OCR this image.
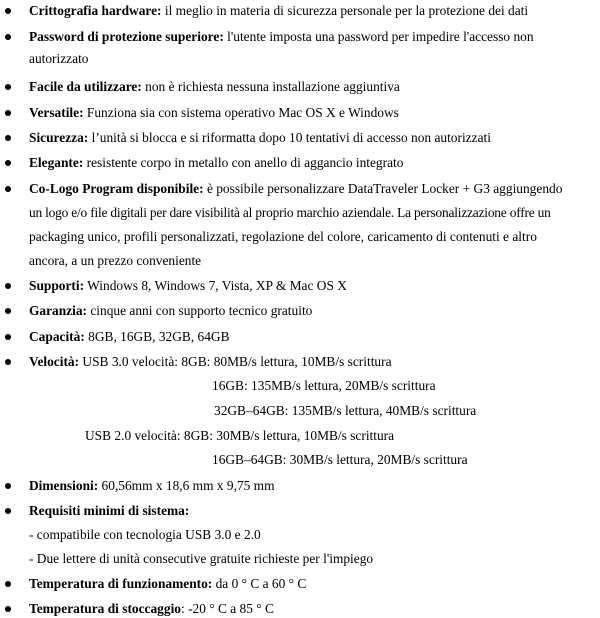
Crittografia hardware: il meglio in materia di sicurezza personale per la protezione dei dati
Password di protezione superiore: l'utente imposta una password per impedire l'accesso non
autorizzato
Facile da utilizzare: non è richiesta nessuna installazione aggiuntiva
Versatile: Funziona sia con sistema operativo Mac OS X e Windows
Sicurezza: l’unità si blocca e si riformatta dopo 10 tentativi di accesso non autorizzati
Elegante: resistente corpo in metallo con anello di aggancio integrato
Co-Logo Program disponibile: è possibile personalizzare DataTraveler Locker + G3 aggiungendo
un logo e/o file digitali per dare visibilità al proprio marchio aziendale. La personalizzazione offre un
packaging unico, profili personalizzati, regolazione del colore, caricamento di contenuti e altro
ancora, a un prezzo conveniente
Supporti: Windows 8, Windows 7, Vista, XP & Mac OS X
Garanzia: cinque anni con supporto tecnico gratuito
Capacità: 8GB, 16GB, 32GB, 64GB
Velocità: USB 3.0 velocità: 8GB: 80MB/s lettura, 10MB/s scrittura
16GB: 135MB/s lettura, 20MB/s scrittura
32GB–64GB: 135MB/s lettura, 40MB/s scrittura
USB 2.0 velocità: 8GB: 30MB/s lettura, 10MB/s scrittura
16GB–64GB: 30MB/s lettura, 20MB/s scrittura
Dimensioni: 60,56mm x 18,6 mm x 9,75 mm
Requisiti minimi di sistema:
- compatibile con tecnologia USB 3.0 e 2.0
- Due lettere di unità consecutive gratuite richieste per l'impiego
Temperatura di funzionamento: da 0 ° C a 60 ° C
Temperatura di stoccaggio: -20 ° C a 85 ° C
